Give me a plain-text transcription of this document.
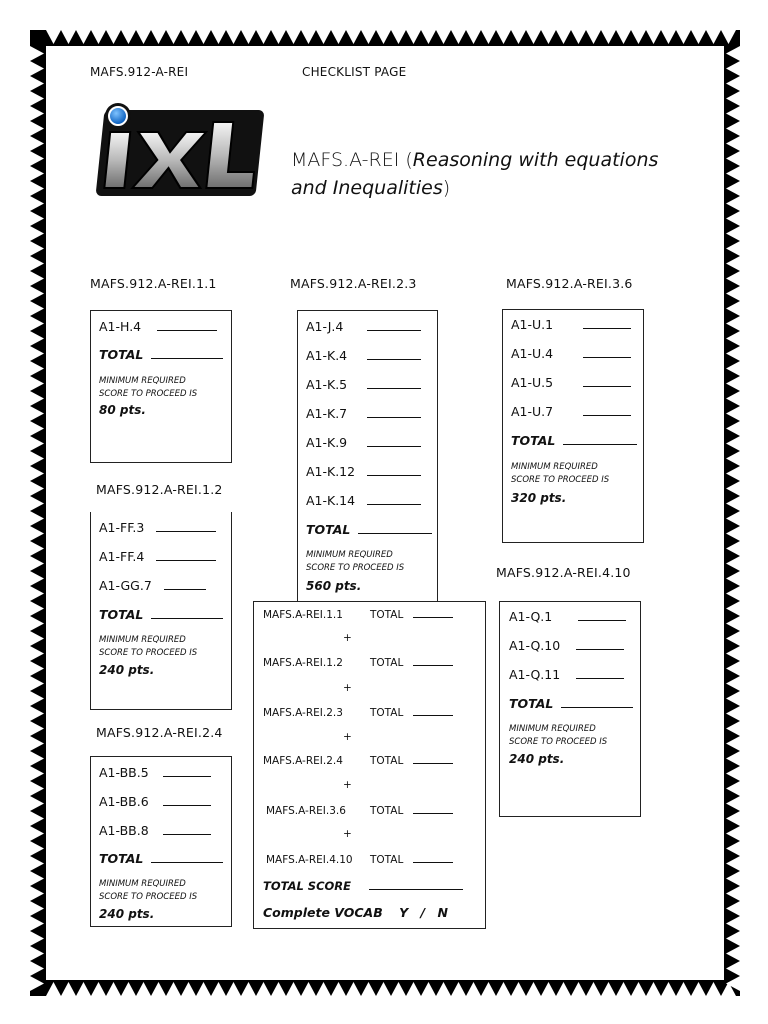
MAFS.912-A-REI	CHECKLIST PAGE
MAFS.A-REI (Reasoning with equations and Inequalities)
MAFS.912.A-REI.1.1
A1-H.4
TOTAL
MINIMUM REQUIRED
SCORE TO PROCEED IS
80 pts.
MAFS.912.A-REI.1.2
A1-FF.3
A1-FF.4
A1-GG.7
TOTAL
MINIMUM REQUIRED
SCORE TO PROCEED IS
240 pts.
MAFS.912.A-REI.2.4
A1-BB.5
A1-BB.6
A1-BB.8
TOTAL
MINIMUM REQUIRED
SCORE TO PROCEED IS
240 pts.
MAFS.912.A-REI.2.3
A1-J.4
A1-K.4
A1-K.5
A1-K.7
A1-K.9
A1-K.12
A1-K.14
TOTAL
MINIMUM REQUIRED
SCORE TO PROCEED IS
560 pts.
MAFS.912.A-REI.3.6
A1-U.1
A1-U.4
A1-U.5
A1-U.7
TOTAL
MINIMUM REQUIRED
SCORE TO PROCEED IS
320 pts.
MAFS.912.A-REI.4.10
A1-Q.1
A1-Q.10
A1-Q.11
TOTAL
MINIMUM REQUIRED
SCORE TO PROCEED IS
240 pts.
MAFS.A-REI.1.1	TOTAL
+
MAFS.A-REI.1.2	TOTAL
+
MAFS.A-REI.2.3	TOTAL
+
MAFS.A-REI.2.4	TOTAL
+
MAFS.A-REI.3.6 TOTAL
+
MAFS.A-REI.4.10 TOTAL
TOTAL SCORE
Complete VOCAB Y / N
